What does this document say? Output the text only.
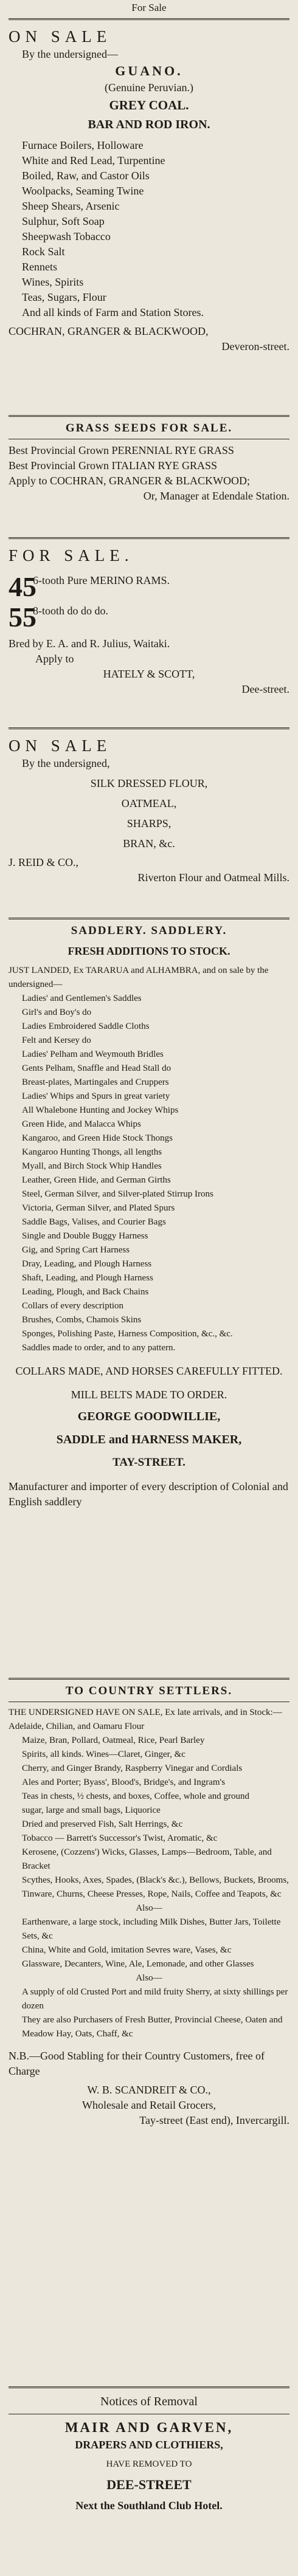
For Sale
ON SALE
By the undersigned—
GUANO.
(Genuine Peruvian.)
GREY COAL.
BAR AND ROD IRON.
Furnace Boilers, Holloware
White and Red Lead, Turpentine
Boiled, Raw, and Castor Oils
Woolpacks, Seaming Twine
Sheep Shears, Arsenic
Sulphur, Soft Soap
Sheepwash Tobacco
Rock Salt
Rennets
Wines, Spirits
Teas, Sugars, Flour
And all kinds of Farm and Station Stores.
COCHRAN, GRANGER & BLACKWOOD,
Deveron-street.
GRASS SEEDS FOR SALE.
Best Provincial Grown PERENNIAL RYE GRASS
Best Provincial Grown ITALIAN RYE GRASS
Apply to COCHRAN, GRANGER & BLACKWOOD;
Or, Manager at Edendale Station.
FOR SALE.
45 6-tooth Pure MERINO RAMS.
55 8-tooth do do do.
Bred by E. A. and R. Julius, Waitaki.
Apply to
HATELY & SCOTT,
Dee-street.
ON SALE
By the undersigned,
SILK DRESSED FLOUR,
OATMEAL,
SHARPS,
BRAN, &c.
J. REID & CO.,
Riverton Flour and Oatmeal Mills.
SADDLERY. SADDLERY.
FRESH ADDITIONS TO STOCK.
JUST LANDED, Ex TARARUA and ALHAMBRA, and on sale by the undersigned—
Ladies' and Gentlemen's Saddles
Girl's and Boy's do
Ladies Embroidered Saddle Cloths
Felt and Kersey do
Ladies' Pelham and Weymouth Bridles
Gents Pelham, Snaffle and Head Stall do
Breast-plates, Martingales and Cruppers
Ladies' Whips and Spurs in great variety
All Whalebone Hunting and Jockey Whips
Green Hide, and Malacca Whips
Kangaroo, and Green Hide Stock Thongs
Kangaroo Hunting Thongs, all lengths
Myall, and Birch Stock Whip Handles
Leather, Green Hide, and German Girths
Steel, German Silver, and Silver-plated Stirrup Irons
Victoria, German Silver, and Plated Spurs
Saddle Bags, Valises, and Courier Bags
Single and Double Buggy Harness
Gig, and Spring Cart Harness
Dray, Leading, and Plough Harness
Shaft, Leading, and Plough Harness
Leading, Plough, and Back Chains
Collars of every description
Brushes, Combs, Chamois Skins
Sponges, Polishing Paste, Harness Composition, &c., &c.
Saddles made to order, and to any pattern.
COLLARS MADE, AND HORSES CAREFULLY FITTED.
MILL BELTS MADE TO ORDER.
GEORGE GOODWILLIE,
SADDLE and HARNESS MAKER,
TAY-STREET.
Manufacturer and importer of every description of Colonial and English saddlery
TO COUNTRY SETTLERS.
THE UNDERSIGNED HAVE ON SALE, Ex late arrivals, and in Stock:— Adelaide, Chilian, and Oamaru Flour
Maize, Bran, Pollard, Oatmeal, Rice, Pearl Barley
Spirits, all kinds. Wines—Claret, Ginger, &c
Cherry, and Ginger Brandy, Raspberry Vinegar and Cordials
Ales and Porter; Byass', Blood's, Bridge's, and Ingram's
Teas in chests, ½ chests, and boxes, Coffee, whole and ground
sugar, large and small bags, Liquorice
Dried and preserved Fish, Salt Herrings, &c
Tobacco — Barrett's Successor's Twist, Aromatic, &c
Kerosene, (Cozzens') Wicks, Glasses, Lamps—Bedroom, Table, and Bracket
Scythes, Hooks, Axes, Spades, (Black's &c.), Bellows, Buckets, Brooms, Tinware, Churns, Cheese Presses, Rope, Nails, Coffee and Teapots, &c
Also—
Earthenware, a large stock, including Milk Dishes, Butter Jars, Toilette Sets, &c
China, White and Gold, imitation Sevres ware, Vases, &c
Glassware, Decanters, Wine, Ale, Lemonade, and other Glasses
Also—
A supply of old Crusted Port and mild fruity Sherry, at sixty shillings per dozen
They are also Purchasers of Fresh Butter, Provincial Cheese, Oaten and Meadow Hay, Oats, Chaff, &c
N.B.—Good Stabling for their Country Customers, free of Charge
W. B. SCANDREIT & CO.,
Wholesale and Retail Grocers,
Tay-street (East end), Invercargill.
Notices of Removal
MAIR AND GARVEN,
DRAPERS AND CLOTHIERS,
HAVE REMOVED TO
DEE-STREET
Next the Southland Club Hotel.
